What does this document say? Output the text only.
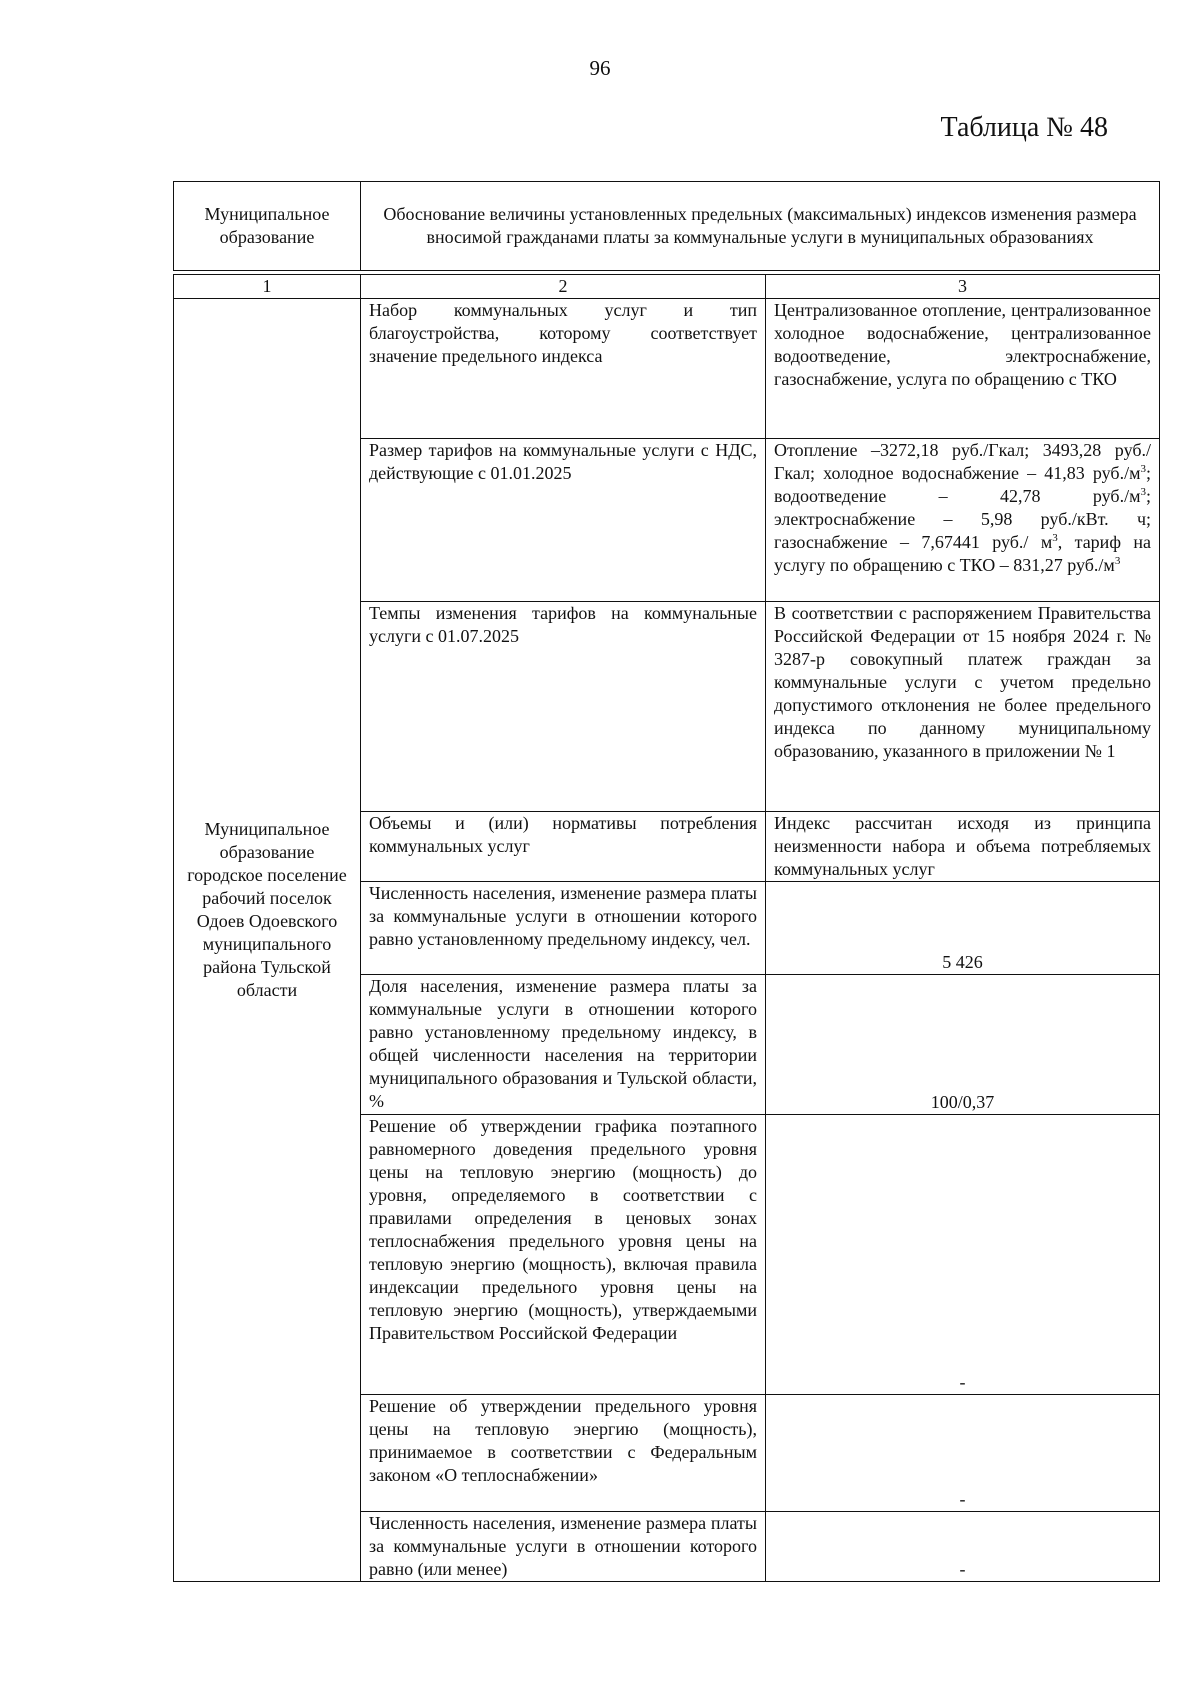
96
Таблица № 48
Муниципальное образование	Обоснование величины установленных предельных (максимальных) индексов изменения размера вносимой гражданами платы за коммунальные услуги в муниципальных образованиях
1	2	3

Муниципальное образование городское поселение рабочий поселок Одоев Одоевского муниципального района Тульской области	Набор коммунальных услуг и тип благоустройства, которому соответствует значение предельного индекса	Централизованное отопление, централизованное холодное водоснабжение, централизованное водоотведение, электроснабжение, газоснабжение, услуга по обращению с ТКО
	Размер тарифов на коммунальные услуги с НДС, действующие с 01.01.2025	Отопление –3272,18 руб./Гкал; 3493,28 руб./Гкал; холодное водоснабжение – 41,83 $руб./м^3$; водоотведение – 42,78 $руб./м^3$; электроснабжение – 5,98 руб./кВт. ч; газоснабжение – 7,67441 руб./ $м^3$, тариф на услугу по обращению с ТКО – 831,27 $руб./м^3$
	Темпы изменения тарифов на коммунальные услуги с 01.07.2025	В соответствии с распоряжением Правительства Российской Федерации от 15 ноября 2024 г. № 3287-р совокупный платеж граждан за коммунальные услуги с учетом предельно допустимого отклонения не более предельного индекса по данному муниципальному образованию, указанного в приложении № 1
	Объемы и (или) нормативы потребления коммунальных услуг	Индекс рассчитан исходя из принципа неизменности набора и объема потребляемых коммунальных услуг
	Численность населения, изменение размера платы за коммунальные услуги в отношении которого равно установленному предельному индексу, чел.	5 426
	Доля населения, изменение размера платы за коммунальные услуги в отношении которого равно установленному предельному индексу, в общей численности населения на территории муниципального образования и Тульской области, %	100/0,37
	Решение об утверждении графика поэтапного равномерного доведения предельного уровня цены на тепловую энергию (мощность) до уровня, определяемого в соответствии с правилами определения в ценовых зонах теплоснабжения предельного уровня цены на тепловую энергию (мощность), включая правила индексации предельного уровня цены на тепловую энергию (мощность), утверждаемыми Правительством Российской Федерации	-
	Решение об утверждении предельного уровня цены на тепловую энергию (мощность), принимаемое в соответствии с Федеральным законом «О теплоснабжении»	-
	Численность населения, изменение размера платы за коммунальные услуги в отношении которого равно (или менее)	-
